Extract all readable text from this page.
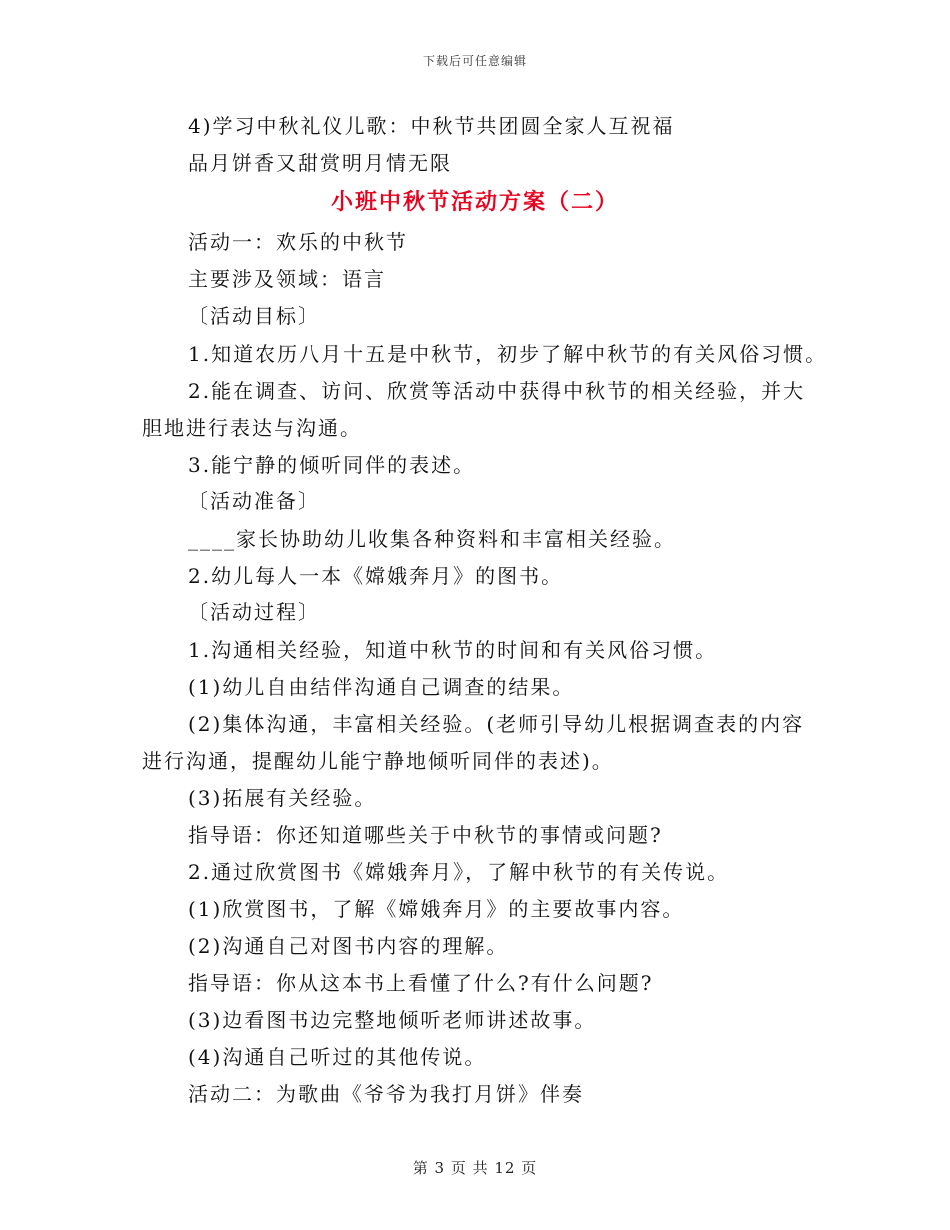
下载后可任意编辑
4)学习中秋礼仪儿歌：中秋节共团圆全家人互祝福
品月饼香又甜赏明月情无限
小班中秋节活动方案（二）
活动一：欢乐的中秋节
主要涉及领域：语言
〔活动目标〕
1.知道农历八月十五是中秋节，初步了解中秋节的有关风俗习惯。
2.能在调查、访问、欣赏等活动中获得中秋节的相关经验，并大
胆地进行表达与沟通。
3.能宁静的倾听同伴的表述。
〔活动准备〕
____家长协助幼儿收集各种资料和丰富相关经验。
2.幼儿每人一本《嫦娥奔月》的图书。
〔活动过程〕
1.沟通相关经验，知道中秋节的时间和有关风俗习惯。
(1)幼儿自由结伴沟通自己调查的结果。
(2)集体沟通，丰富相关经验。(老师引导幼儿根据调查表的内容
进行沟通，提醒幼儿能宁静地倾听同伴的表述)。
(3)拓展有关经验。
指导语：你还知道哪些关于中秋节的事情或问题?
2.通过欣赏图书《嫦娥奔月》，了解中秋节的有关传说。
(1)欣赏图书，了解《嫦娥奔月》的主要故事内容。
(2)沟通自己对图书内容的理解。
指导语：你从这本书上看懂了什么?有什么问题?
(3)边看图书边完整地倾听老师讲述故事。
(4)沟通自己听过的其他传说。
活动二：为歌曲《爷爷为我打月饼》伴奏
第 3 页 共 12 页
